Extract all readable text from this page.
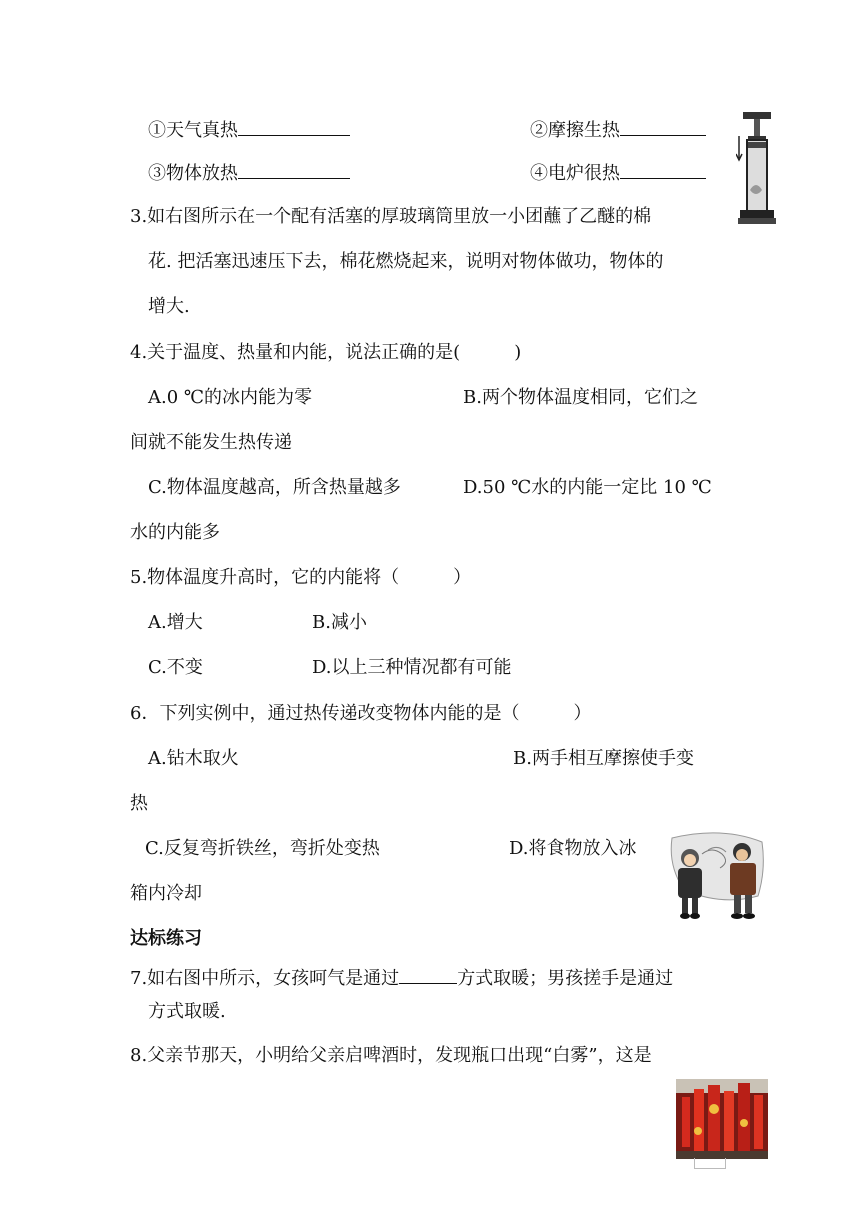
①天气真热	②摩擦生热
③物体放热	④电炉很热
3.如右图所示在一个配有活塞的厚玻璃筒里放一小团蘸了乙醚的棉
花. 把活塞迅速压下去，棉花燃烧起来，说明对物体做功，物体的
增大.
4.关于温度、热量和内能，说法正确的是(　　　)
A.0 ℃的冰内能为零	B.两个物体温度相同，它们之
间就不能发生热传递
C.物体温度越高，所含热量越多	D.50 ℃水的内能一定比 10 ℃
水的内能多
5.物体温度升高时，它的内能将（　　　）
A.增大	B.减小
C.不变	D.以上三种情况都有可能
6．下列实例中，通过热传递改变物体内能的是（　　　）
A.钻木取火	B.两手相互摩擦使手变
热
C.反复弯折铁丝，弯折处变热	D.将食物放入冰
箱内冷却
达标练习
7.如右图中所示，女孩呵气是通过	方式取暖；男孩搓手是通过
方式取暖.
8.父亲节那天，小明给父亲启啤酒时，发现瓶口出现“白雾”，这是
